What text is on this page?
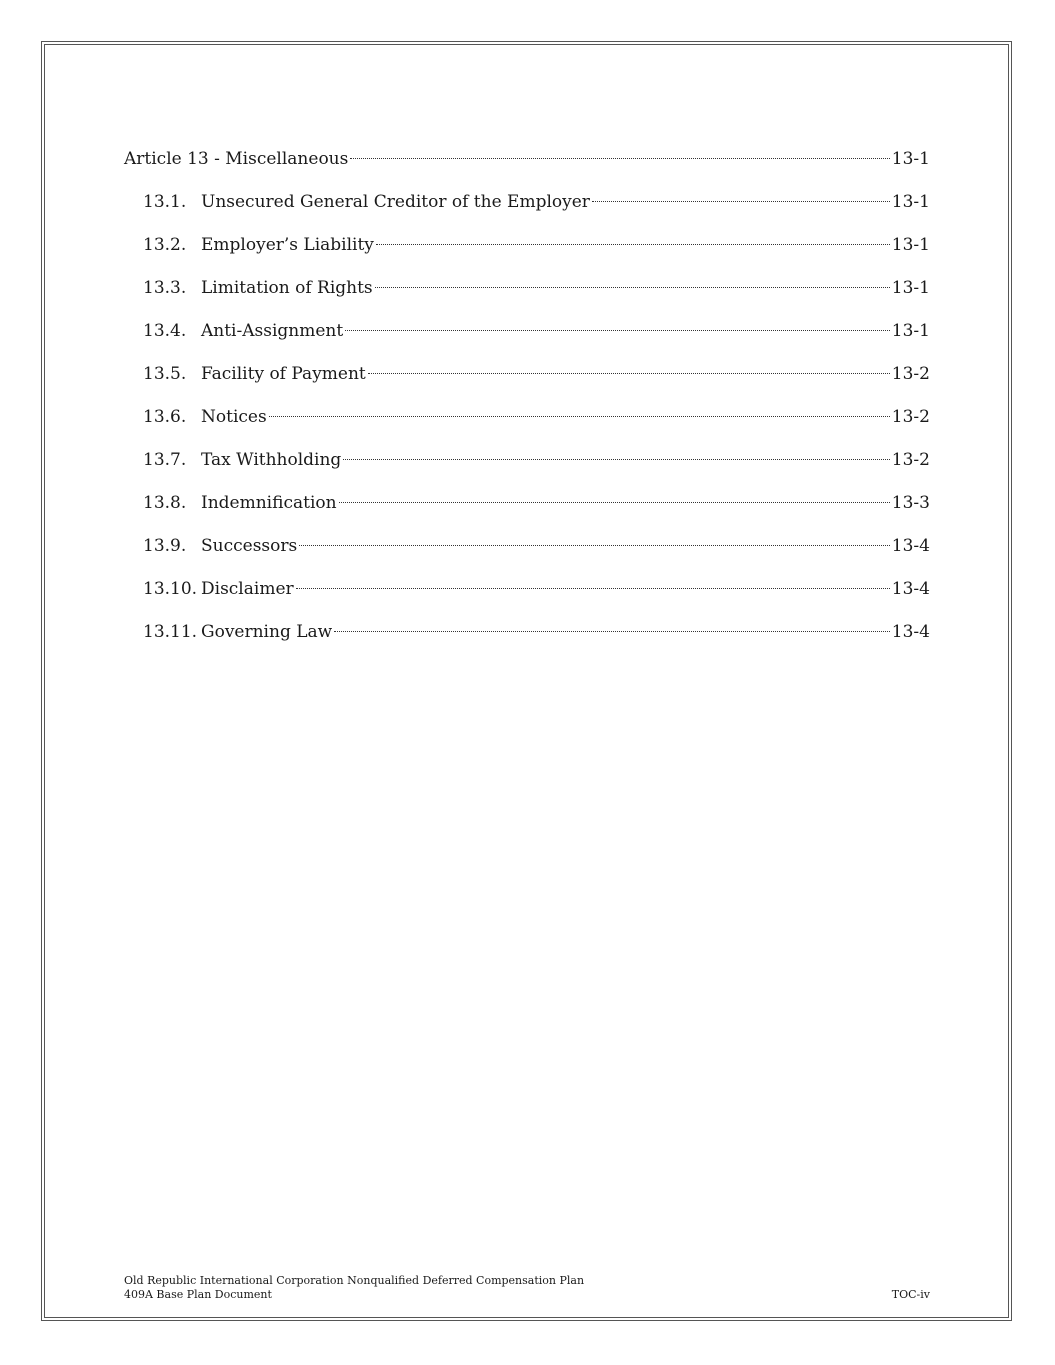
Article 13 - Miscellaneous	13-1
13.1. Unsecured General Creditor of the Employer	13-1
13.2. Employer’s Liability	13-1
13.3. Limitation of Rights	13-1
13.4. Anti-Assignment	13-1
13.5. Facility of Payment	13-2
13.6. Notices	13-2
13.7. Tax Withholding	13-2
13.8. Indemnification	13-3
13.9. Successors	13-4
13.10. Disclaimer	13-4
13.11. Governing Law	13-4
Old Republic International Corporation Nonqualified Deferred Compensation Plan
409A Base Plan Document	TOC-iv
